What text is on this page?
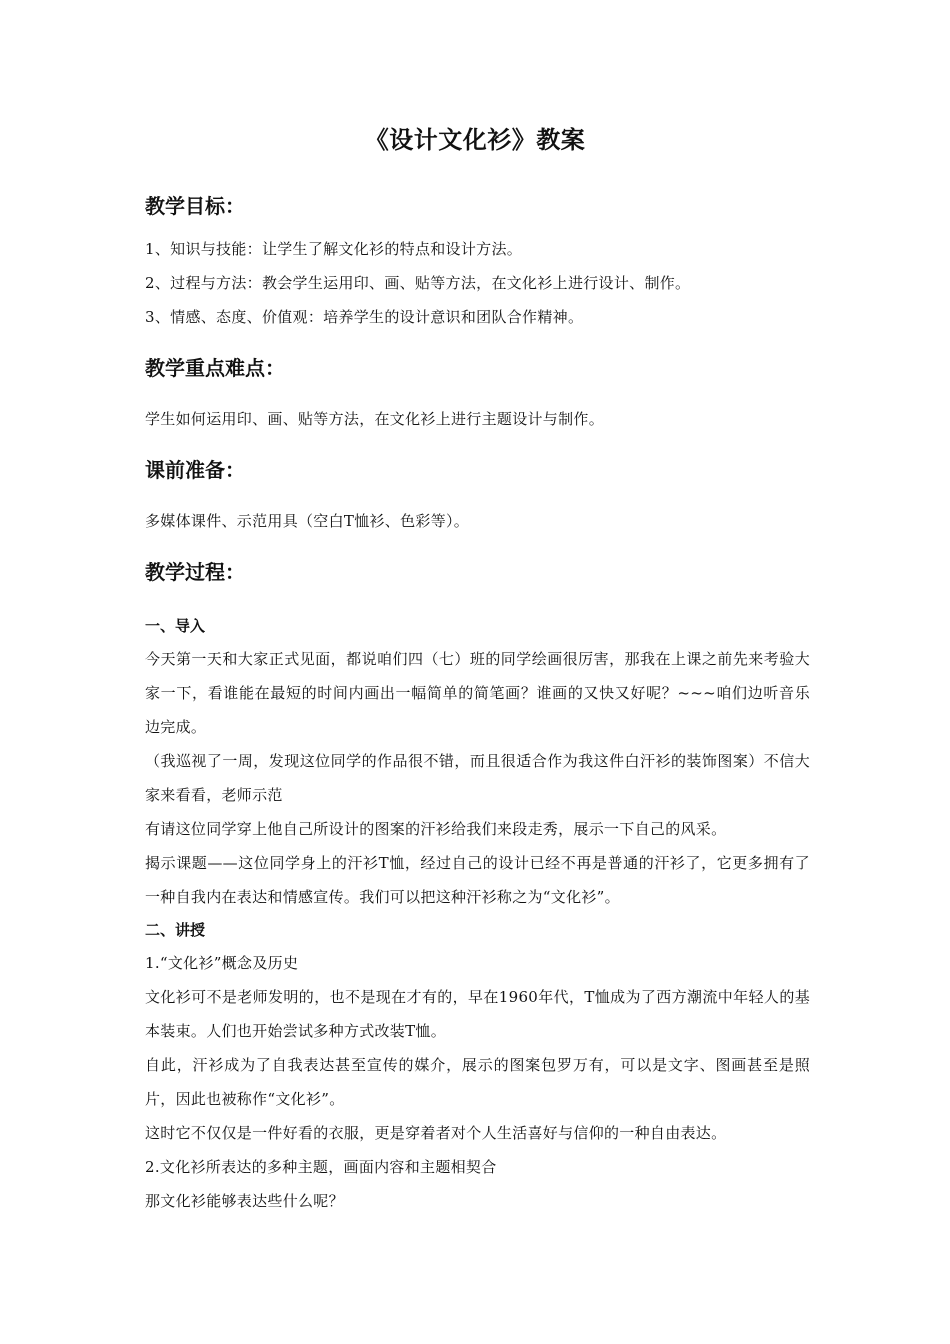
《设计文化衫》教案
教学目标：
1、知识与技能：让学生了解文化衫的特点和设计方法。
2、过程与方法：教会学生运用印、画、贴等方法，在文化衫上进行设计、制作。
3、情感、态度、价值观：培养学生的设计意识和团队合作精神。
教学重点难点：
学生如何运用印、画、贴等方法，在文化衫上进行主题设计与制作。
课前准备：
多媒体课件、示范用具（空白T恤衫、色彩等）。
教学过程：
一、导入
今天第一天和大家正式见面，都说咱们四（七）班的同学绘画很厉害，那我在上课之前先来考验大家一下，看谁能在最短的时间内画出一幅简单的简笔画？谁画的又快又好呢？~~~咱们边听音乐边完成。
（我巡视了一周，发现这位同学的作品很不错，而且很适合作为我这件白汗衫的装饰图案）不信大家来看看，老师示范
有请这位同学穿上他自己所设计的图案的汗衫给我们来段走秀，展示一下自己的风采。
揭示课题——这位同学身上的汗衫T恤，经过自己的设计已经不再是普通的汗衫了，它更多拥有了一种自我内在表达和情感宣传。我们可以把这种汗衫称之为“文化衫”。
二、讲授
1.“文化衫”概念及历史
文化衫可不是老师发明的，也不是现在才有的，早在1960年代，T恤成为了西方潮流中年轻人的基本装束。人们也开始尝试多种方式改装T恤。
自此，汗衫成为了自我表达甚至宣传的媒介，展示的图案包罗万有，可以是文字、图画甚至是照片，因此也被称作“文化衫”。
这时它不仅仅是一件好看的衣服，更是穿着者对个人生活喜好与信仰的一种自由表达。
2.文化衫所表达的多种主题，画面内容和主题相契合
那文化衫能够表达些什么呢？
